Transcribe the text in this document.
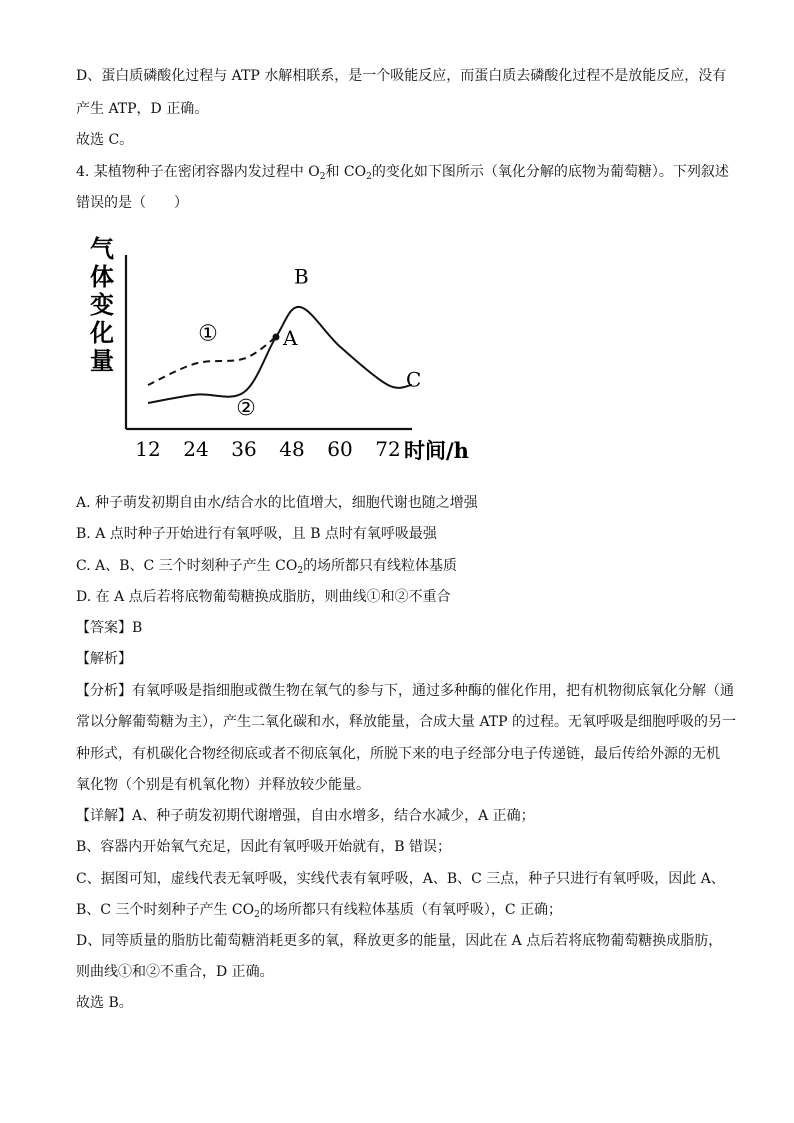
D、蛋白质磷酸化过程与 ATP 水解相联系，是一个吸能反应，而蛋白质去磷酸化过程不是放能反应，没有
产生 ATP，D 正确。
故选 C。
4. 某植物种子在密闭容器内发过程中 $O_2$和 $CO_2$的变化如下图所示（氧化分解的底物为葡萄糖）。下列叙述
错误的是（　　）
气
体
变
化
量
12 24 36 48 60 72 时间/h
A
B
C
①
②
A. 种子萌发初期自由水/结合水的比值增大，细胞代谢也随之增强
B. A 点时种子开始进行有氧呼吸，且 B 点时有氧呼吸最强
C. A、B、C 三个时刻种子产生 $CO_2$的场所都只有线粒体基质
D. 在 A 点后若将底物葡萄糖换成脂肪，则曲线①和②不重合
【答案】B
【解析】
【分析】有氧呼吸是指细胞或微生物在氧气的参与下，通过多种酶的催化作用，把有机物彻底氧化分解（通
常以分解葡萄糖为主），产生二氧化碳和水，释放能量，合成大量 ATP 的过程。无氧呼吸是细胞呼吸的另一
种形式，有机碳化合物经彻底或者不彻底氧化，所脱下来的电子经部分电子传递链，最后传给外源的无机
氧化物（个别是有机氧化物）并释放较少能量。
【详解】A、种子萌发初期代谢增强，自由水增多，结合水减少，A 正确；
B、容器内开始氧气充足，因此有氧呼吸开始就有，B 错误；
C、据图可知，虚线代表无氧呼吸，实线代表有氧呼吸，A、B、C 三点，种子只进行有氧呼吸，因此 A、
B、C 三个时刻种子产生 $CO_2$的场所都只有线粒体基质（有氧呼吸），C 正确；
D、同等质量的脂肪比葡萄糖消耗更多的氧，释放更多的能量，因此在 A 点后若将底物葡萄糖换成脂肪，
则曲线①和②不重合，D 正确。
故选 B。
